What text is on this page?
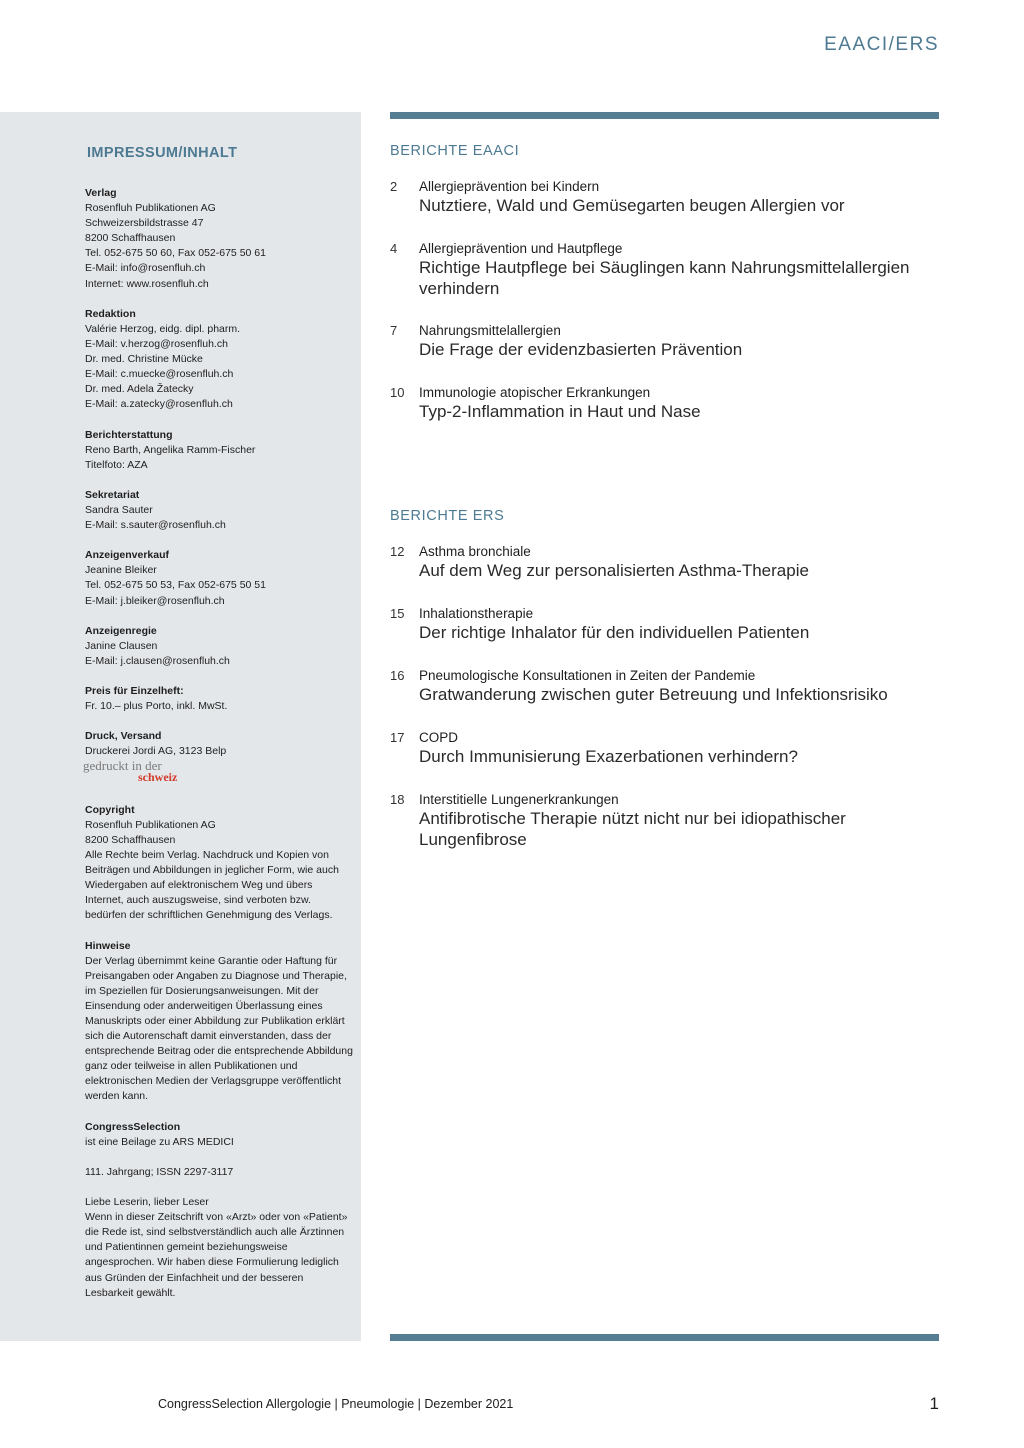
EAACI/ERS
IMPRESSUM/INHALT
Verlag
Rosenfluh Publikationen AG
Schweizersbildstrasse 47
8200 Schaffhausen
Tel. 052-675 50 60, Fax 052-675 50 61
E-Mail: info@rosenfluh.ch
Internet: www.rosenfluh.ch
Redaktion
Valérie Herzog, eidg. dipl. pharm.
E-Mail: v.herzog@rosenfluh.ch
Dr. med. Christine Mücke
E-Mail: c.muecke@rosenfluh.ch
Dr. med. Adela Žatecky
E-Mail: a.zatecky@rosenfluh.ch
Berichterstattung
Reno Barth, Angelika Ramm-Fischer
Titelfoto: AZA
Sekretariat
Sandra Sauter
E-Mail: s.sauter@rosenfluh.ch
Anzeigenverkauf
Jeanine Bleiker
Tel. 052-675 50 53, Fax 052-675 50 51
E-Mail: j.bleiker@rosenfluh.ch
Anzeigenregie
Janine Clausen
E-Mail: j.clausen@rosenfluh.ch
Preis für Einzelheft:
Fr. 10.– plus Porto, inkl. MwSt.
Druck, Versand
Druckerei Jordi AG, 3123 Belp
gedruckt in der
schweiz
Copyright
Rosenfluh Publikationen AG
8200 Schaffhausen
Alle Rechte beim Verlag. Nachdruck und Kopien von Beiträgen und Abbildungen in jeglicher Form, wie auch Wiedergaben auf elektronischem Weg und übers Internet, auch auszugsweise, sind verboten bzw. bedürfen der schriftlichen Genehmigung des Verlags.
Hinweise
Der Verlag übernimmt keine Garantie oder Haftung für Preisangaben oder Angaben zu Diagnose und Therapie, im Speziellen für Dosierungsanweisungen. Mit der Einsendung oder anderweitigen Überlassung eines Manuskripts oder einer Abbildung zur Publikation erklärt sich die Autorenschaft damit einverstanden, dass der entsprechende Beitrag oder die entsprechende Abbildung ganz oder teilweise in allen Publikationen und elektronischen Medien der Verlagsgruppe veröffentlicht werden kann.
CongressSelection
ist eine Beilage zu ARS MEDICI
111. Jahrgang; ISSN 2297-3117
Liebe Leserin, lieber Leser
Wenn in dieser Zeitschrift von «Arzt» oder von «Patient» die Rede ist, sind selbstverständlich auch alle Ärztinnen und Patientinnen gemeint beziehungsweise angesprochen. Wir haben diese Formulierung lediglich aus Gründen der Einfachheit und der besseren Lesbarkeit gewählt.
BERICHTE EAACI
2 Allergieprävention bei Kindern
Nutztiere, Wald und Gemüsegarten beugen Allergien vor
4 Allergieprävention und Hautpflege
Richtige Hautpflege bei Säuglingen kann Nahrungsmittelallergien verhindern
7 Nahrungsmittelallergien
Die Frage der evidenzbasierten Prävention
10 Immunologie atopischer Erkrankungen
Typ-2-Inflammation in Haut und Nase
BERICHTE ERS
12 Asthma bronchiale
Auf dem Weg zur personalisierten Asthma-Therapie
15 Inhalationstherapie
Der richtige Inhalator für den individuellen Patienten
16 Pneumologische Konsultationen in Zeiten der Pandemie
Gratwanderung zwischen guter Betreuung und Infektionsrisiko
17 COPD
Durch Immunisierung Exazerbationen verhindern?
18 Interstitielle Lungenerkrankungen
Antifibrotische Therapie nützt nicht nur bei idiopathischer Lungenfibrose
CongressSelection Allergologie | Pneumologie | Dezember 2021	1
